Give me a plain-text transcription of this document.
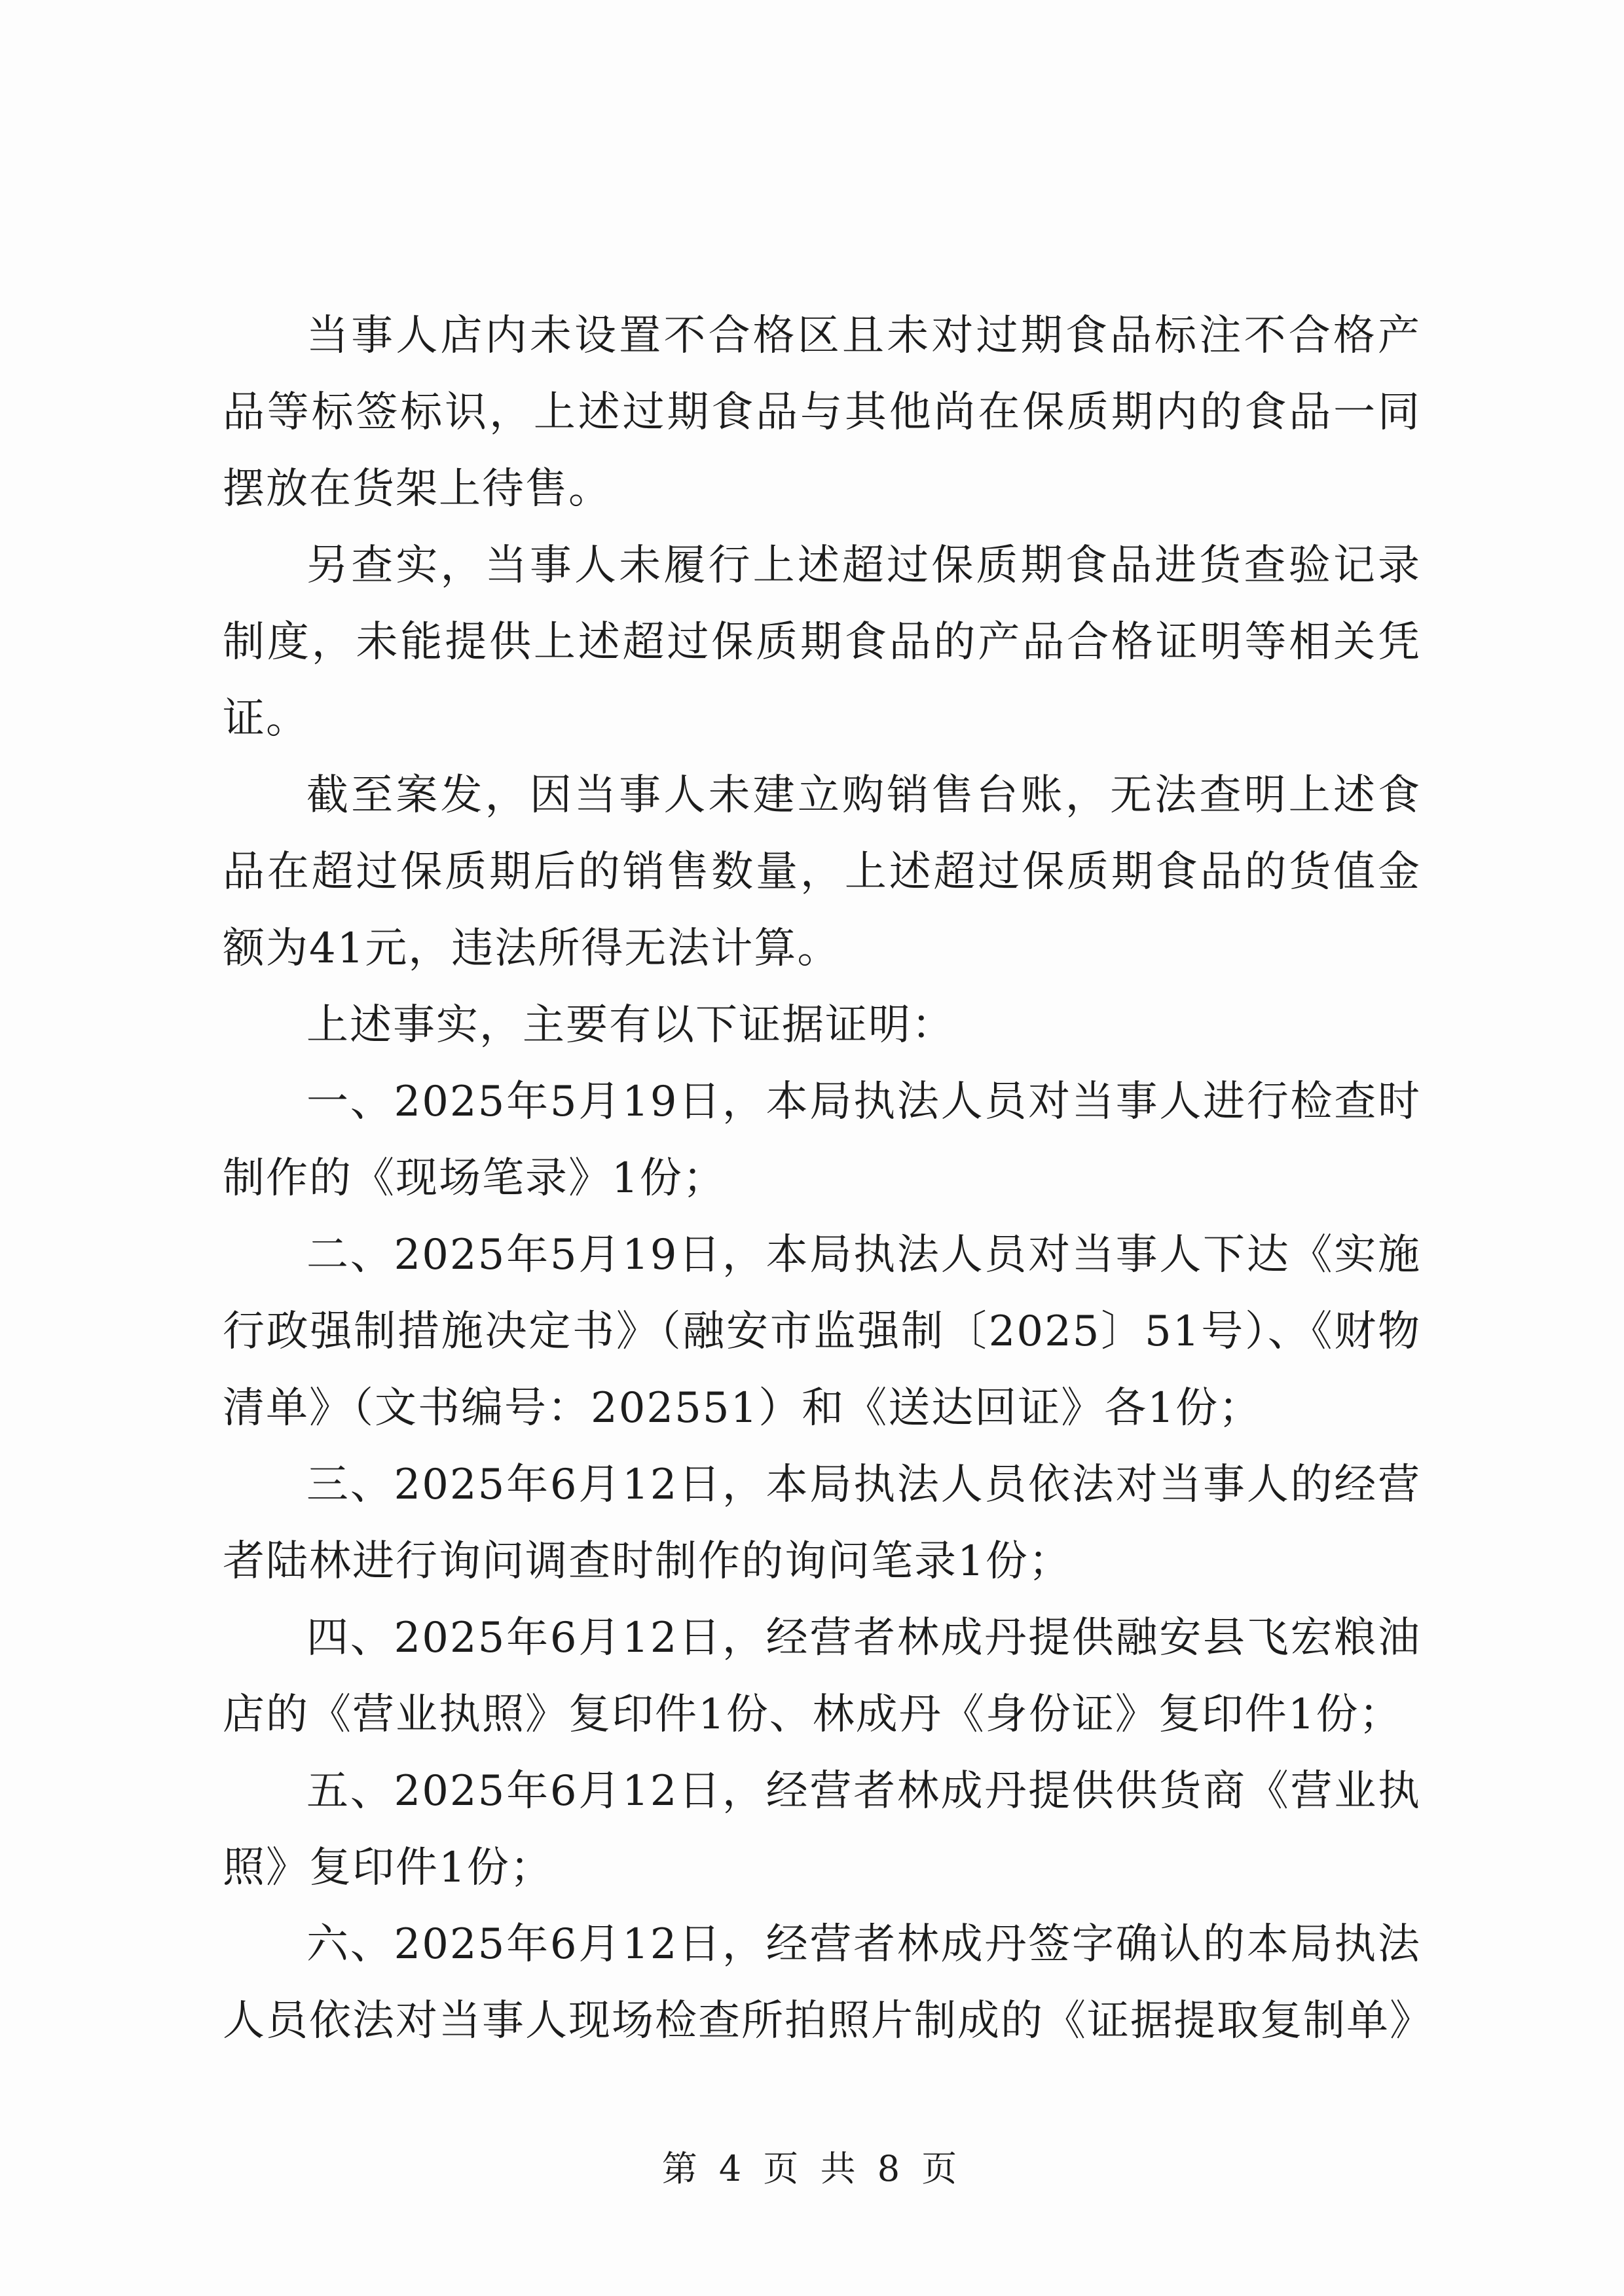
当事人店内未设置不合格区且未对过期食品标注不合格产品等标签标识，上述过期食品与其他尚在保质期内的食品一同摆放在货架上待售。

另查实，当事人未履行上述超过保质期食品进货查验记录制度，未能提供上述超过保质期食品的产品合格证明等相关凭证。

截至案发，因当事人未建立购销售台账，无法查明上述食品在超过保质期后的销售数量，上述超过保质期食品的货值金额为41元，违法所得无法计算。

上述事实，主要有以下证据证明：

一、2025年5月19日，本局执法人员对当事人进行检查时制作的《现场笔录》1份；

二、2025年5月19日，本局执法人员对当事人下达《实施行政强制措施决定书》（融安市监强制〔2025〕51号）、《财物清单》（文书编号：202551）和《送达回证》各1份；

三、2025年6月12日，本局执法人员依法对当事人的经营者陆林进行询问调查时制作的询问笔录1份；

四、2025年6月12日，经营者林成丹提供融安县飞宏粮油店的《营业执照》复印件1份、林成丹《身份证》复印件1份；

五、2025年6月12日，经营者林成丹提供供货商《营业执照》复印件1份；

六、2025年6月12日，经营者林成丹签字确认的本局执法人员依法对当事人现场检查所拍照片制成的《证据提取复制单》

第 4 页 共 8 页
